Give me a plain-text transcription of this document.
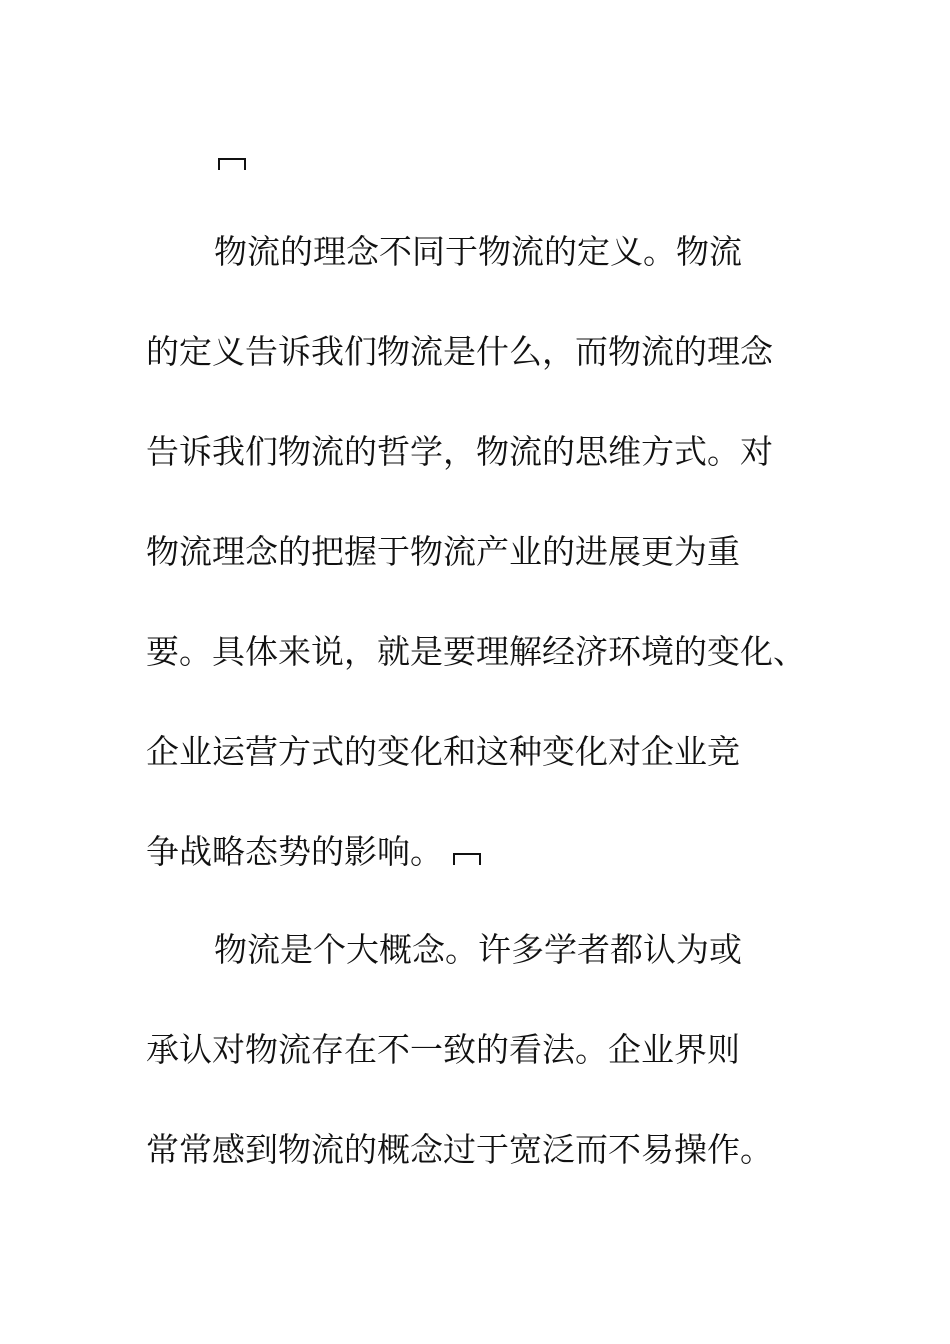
物流的理念不同于物流的定义。物流
的定义告诉我们物流是什么，而物流的理念
告诉我们物流的哲学，物流的思维方式。对
物流理念的把握于物流产业的进展更为重
要。具体来说，就是要理解经济环境的变化、
企业运营方式的变化和这种变化对企业竞
争战略态势的影响。
物流是个大概念。许多学者都认为或
承认对物流存在不一致的看法。企业界则
常常感到物流的概念过于宽泛而不易操作。
